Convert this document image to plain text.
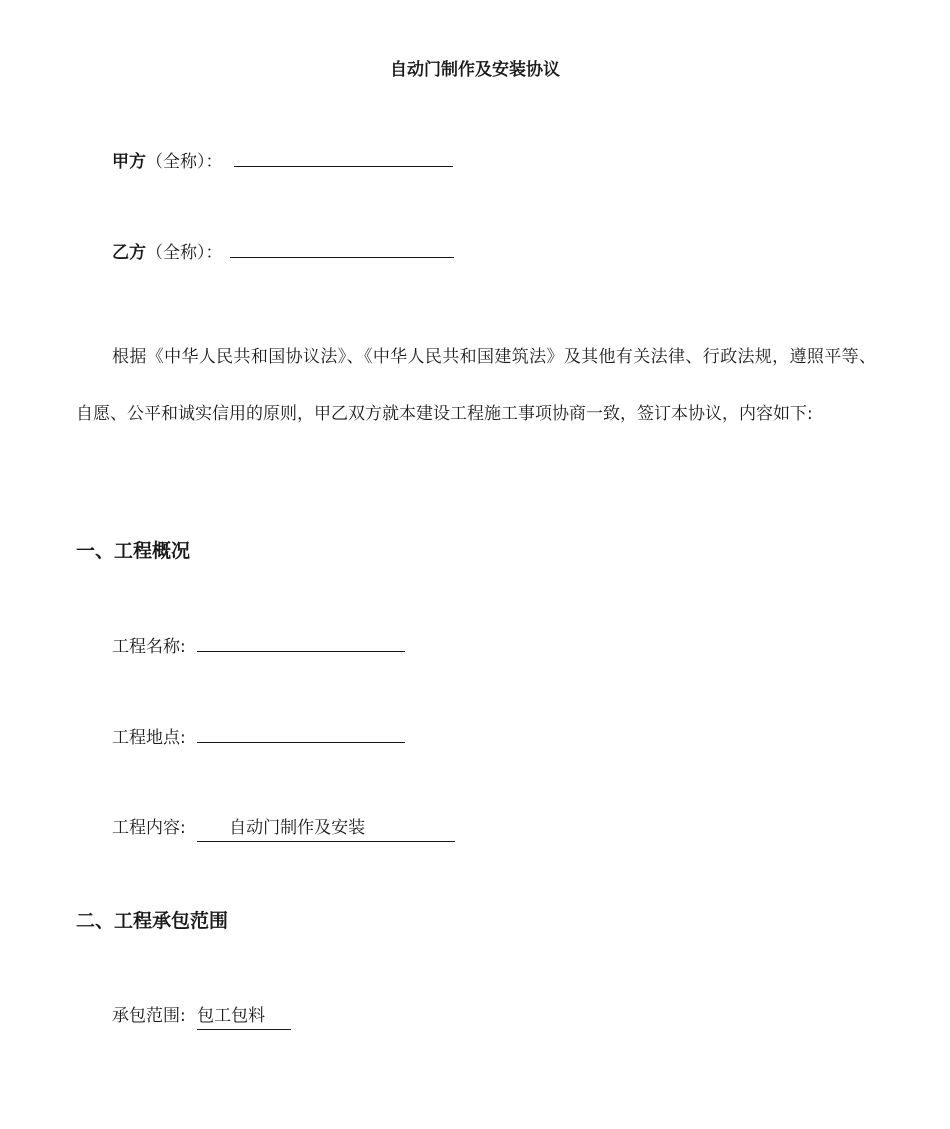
自动门制作及安装协议
甲方（全称）：
乙方（全称）：
根据《中华人民共和国协议法》、《中华人民共和国建筑法》及其他有关法律、行政法规，遵照平等、自愿、公平和诚实信用的原则，甲乙双方就本建设工程施工事项协商一致，签订本协议，内容如下:
一、工程概况
工程名称:
工程地点:
工程内容:	自动门制作及安装
二、工程承包范围
承包范围: 包工包料
